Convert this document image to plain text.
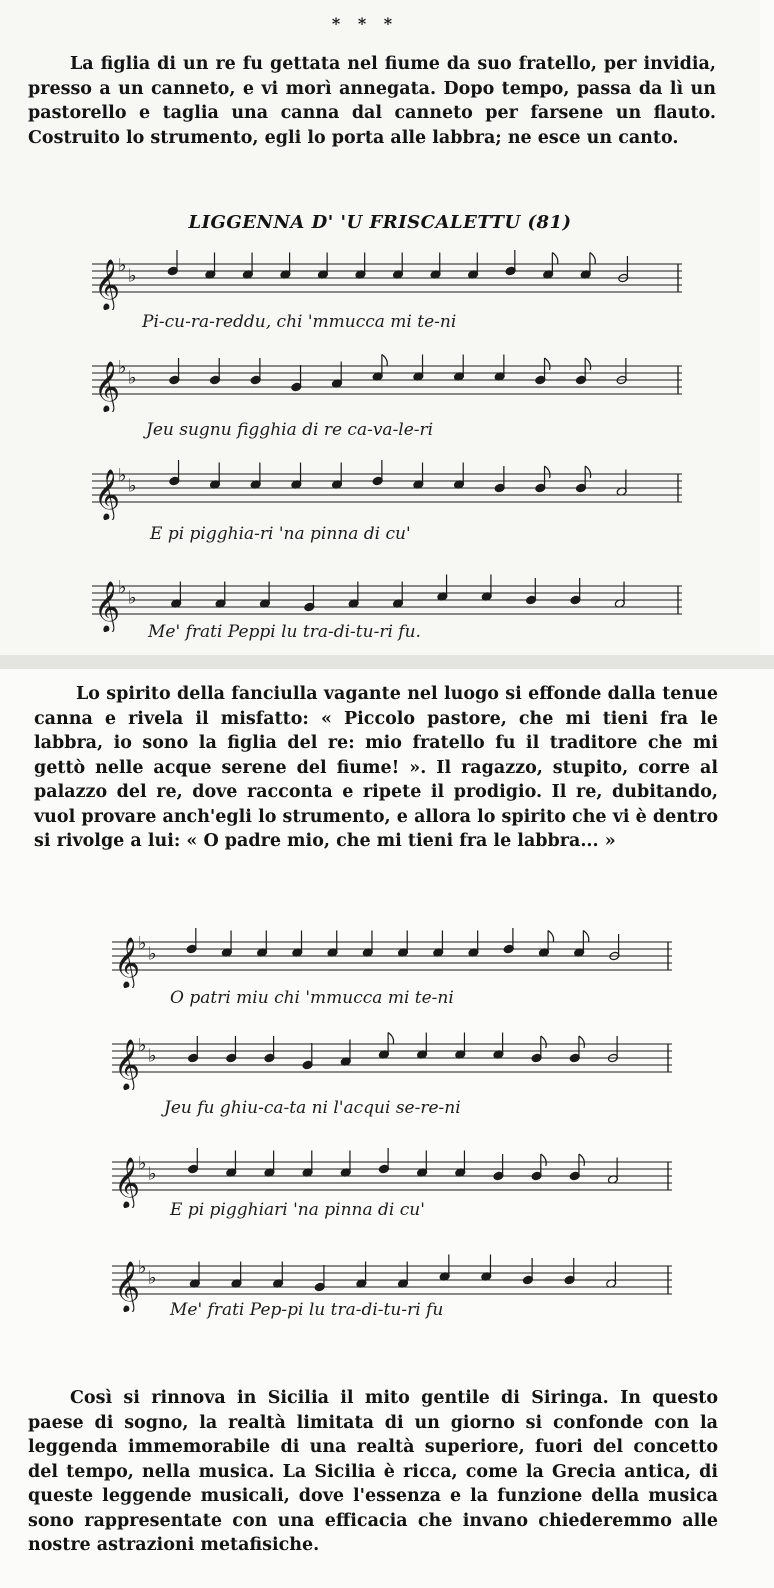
* * *

La figlia di un re fu gettata nel fiume da suo fratello, per invidia, presso a un canneto, e vi morì annegata. Dopo tempo, passa da lì un pastorello e taglia una canna dal canneto per farsene un flauto. Costruito lo strumento, egli lo porta alle labbra; ne esce un canto.

LIGGENNA D' 'U FRISCALETTU (81)
𝄞
♭ ♭

Pi-cu-ra-reddu, chi 'mmucca mi te-ni

𝄞
♭ ♭

Jeu sugnu figghia di re ca-va-le-ri

𝄞
♭ ♭

E pi pigghia-ri 'na pinna di cu'

𝄞
♭ ♭

Me' frati Peppi lu tra-di-tu-ri fu.

Lo spirito della fanciulla vagante nel luogo si effonde dalla tenue canna e rivela il misfatto: « Piccolo pastore, che mi tieni fra le labbra, io sono la figlia del re: mio fratello fu il traditore che mi gettò nelle acque serene del fiume! ». Il ragazzo, stupito, corre al palazzo del re, dove racconta e ripete il prodigio. Il re, dubitando, vuol provare anch'egli lo strumento, e allora lo spirito che vi è dentro si rivolge a lui: « O padre mio, che mi tieni fra le labbra... »

𝄞
♭ ♭

O patri miu chi 'mmucca mi te-ni

𝄞
♭ ♭

Jeu fu ghiu-ca-ta ni l'acqui se-re-ni

𝄞
♭ ♭

E pi pigghiari 'na pinna di cu'

𝄞
♭ ♭

Me' frati Pep-pi lu tra-di-tu-ri fu

Così si rinnova in Sicilia il mito gentile di Siringa. In questo paese di sogno, la realtà limitata di un giorno si confonde con la leggenda immemorabile di una realtà superiore, fuori del concetto del tempo, nella musica. La Sicilia è ricca, come la Grecia antica, di queste leggende musicali, dove l'essenza e la funzione della musica sono rappresentate con una efficacia che invano chiederemmo alle nostre astrazioni metafisiche.
